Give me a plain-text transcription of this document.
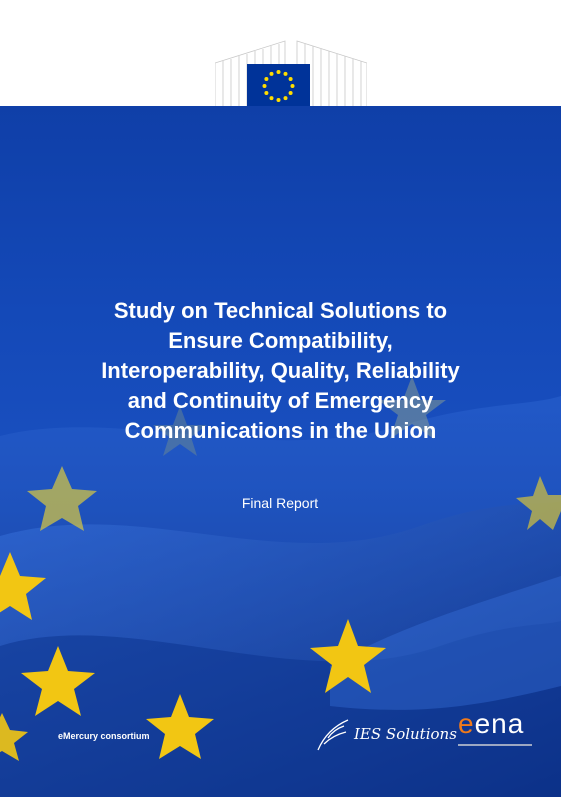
Study on Technical Solutions to
Ensure Compatibility,
Interoperability, Quality, Reliability
and Continuity of Emergency
Communications in the Union

Final Report

eMercury consortium	IES Solutions eena
